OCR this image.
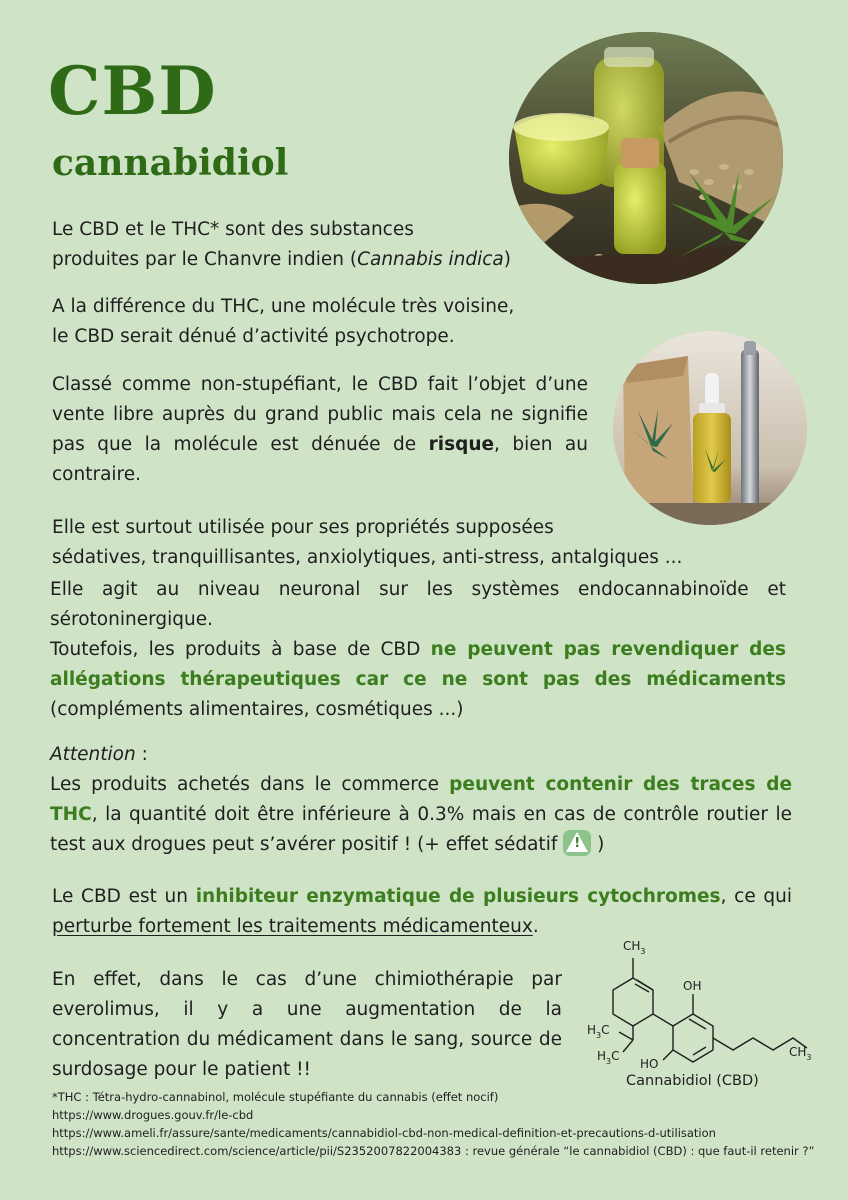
CBD
cannabidiol

Le CBD et le THC* sont des substances
produites par le Chanvre indien (Cannabis indica)

A la différence du THC, une molécule très voisine,
le CBD serait dénué d’activité psychotrope.

Classé comme non-stupéfiant, le CBD fait l’objet d’une vente libre auprès du grand public mais cela ne signifie pas que la molécule est dénuée de risque, bien au contraire.

Elle est surtout utilisée pour ses propriétés supposées
sédatives, tranquillisantes, anxiolytiques, anti-stress, antalgiques ...

Elle agit au niveau neuronal sur les systèmes endocannabinoïde et sérotoninergique.
Toutefois, les produits à base de CBD ne peuvent pas revendiquer des allégations thérapeutiques car ce ne sont pas des médicaments (compléments alimentaires, cosmétiques ...)

Attention :
Les produits achetés dans le commerce peuvent contenir des traces de THC, la quantité doit être inférieure à 0.3% mais en cas de contrôle routier le test aux drogues peut s’avérer positif ! (+ effet sédatif ! )

Le CBD est un inhibiteur enzymatique de plusieurs cytochromes, ce qui
perturbe fortement les traitements médicamenteux.

En effet, dans le cas d’une chimiothérapie par everolimus, il y a une augmentation de la concentration du médicament dans le sang, source de surdosage pour le patient !!

$CH_3$
OH
$H_3C$
$H_3C$
HO
$CH_3$
Cannabidiol (CBD)
*THC : Tétra-hydro-cannabinol, molécule stupéfiante du cannabis (effet nocif)
https://www.drogues.gouv.fr/le-cbd
https://www.ameli.fr/assure/sante/medicaments/cannabidiol-cbd-non-medical-definition-et-precautions-d-utilisation
https://www.sciencedirect.com/science/article/pii/S2352007822004383 : revue générale “le cannabidiol (CBD) : que faut-il retenir ?”
